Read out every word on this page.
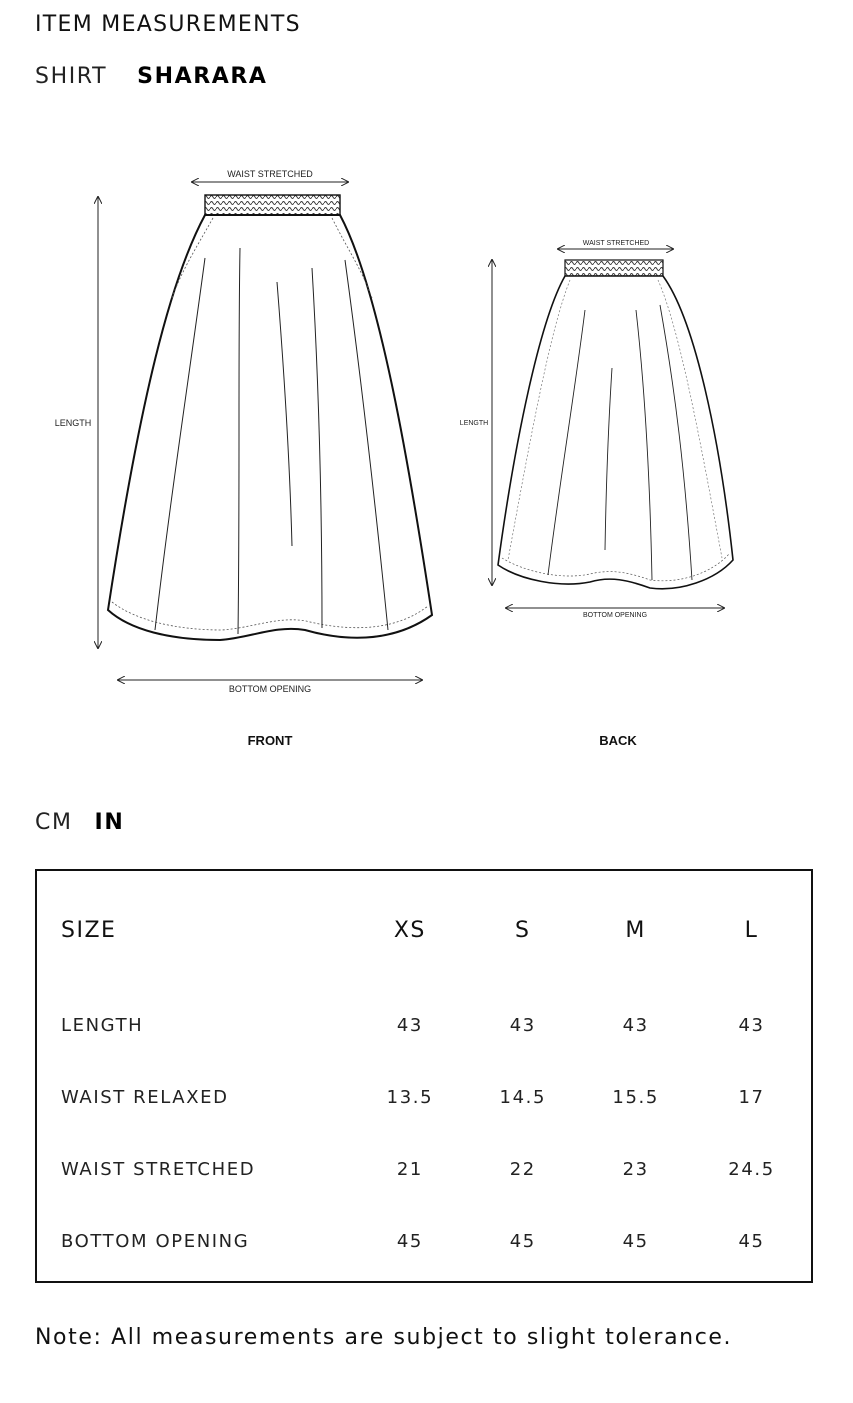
ITEM MEASUREMENTS
SHIRT SHARARA
WAIST STRETCHED
LENGTH
BOTTOM OPENING
FRONT
WAIST STRETCHED
LENGTH
BOTTOM OPENING
BACK
CM IN
SIZE	XS	S	M	L
LENGTH	43	43	43	43
WAIST RELAXED	13.5	14.5	15.5	17
WAIST STRETCHED	21	22	23	24.5
BOTTOM OPENING	45	45	45	45
Note: All measurements are subject to slight tolerance.
